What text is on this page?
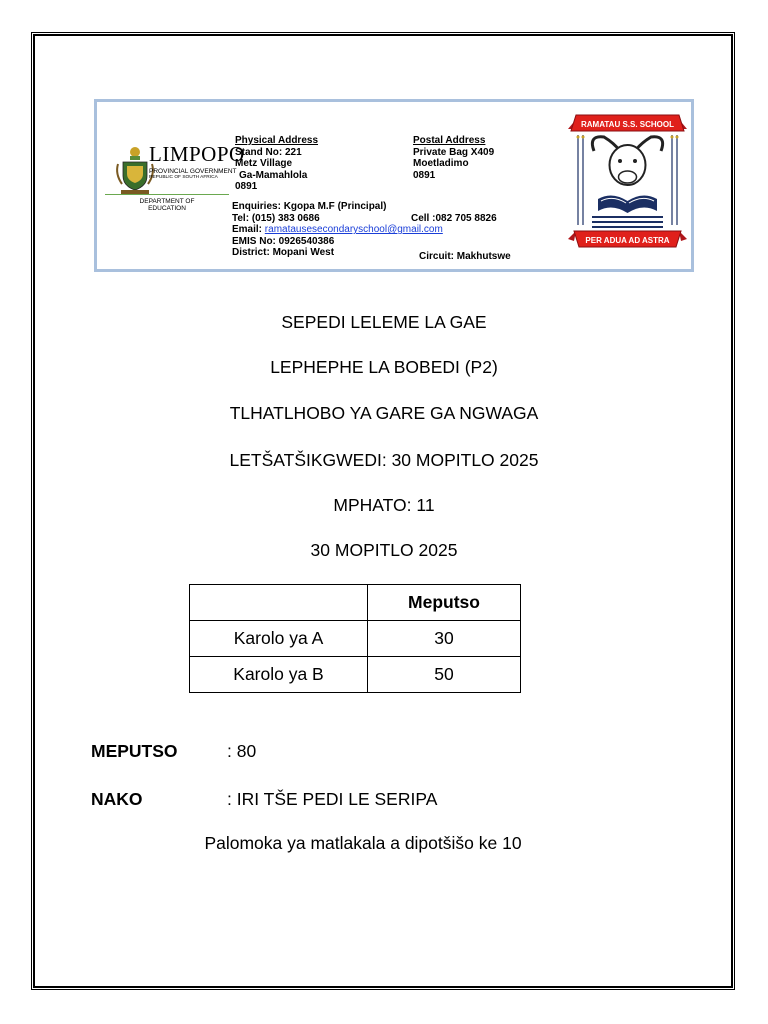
LIMPOPO
PROVINCIAL GOVERNMENT
REPUBLIC OF SOUTH AFRICA
DEPARTMENT OF
EDUCATION
Physical Address
Stand No: 221
Metz Village
Ga-Mamahlola
0891
Postal Address
Private Bag X409
Moetladimo
0891
Enquiries: Kgopa M.F (Principal)
Tel: (015) 383 0686
Email: ramatausesecondaryschool@gmail.com
EMIS No: 0926540386
District: Mopani West
Cell :082 705 8826
Circuit: Makhutswe
RAMATAU S.S. SCHOOL
PER ADUA AD ASTRA
SEPEDI LELEME LA GAE
LEPHEPHE LA BOBEDI (P2)
TLHATLHOBO YA GARE GA NGWAGA
LETŠATŠIKGWEDI: 30 MOPITLO 2025
MPHATO: 11
30 MOPITLO 2025
	Meputso
Karolo ya A	30
Karolo ya B	50
MEPUTSO	: 80
NAKO	: IRI TŠE PEDI LE SERIPA
Palomoka ya matlakala a dipotšišo ke 10
